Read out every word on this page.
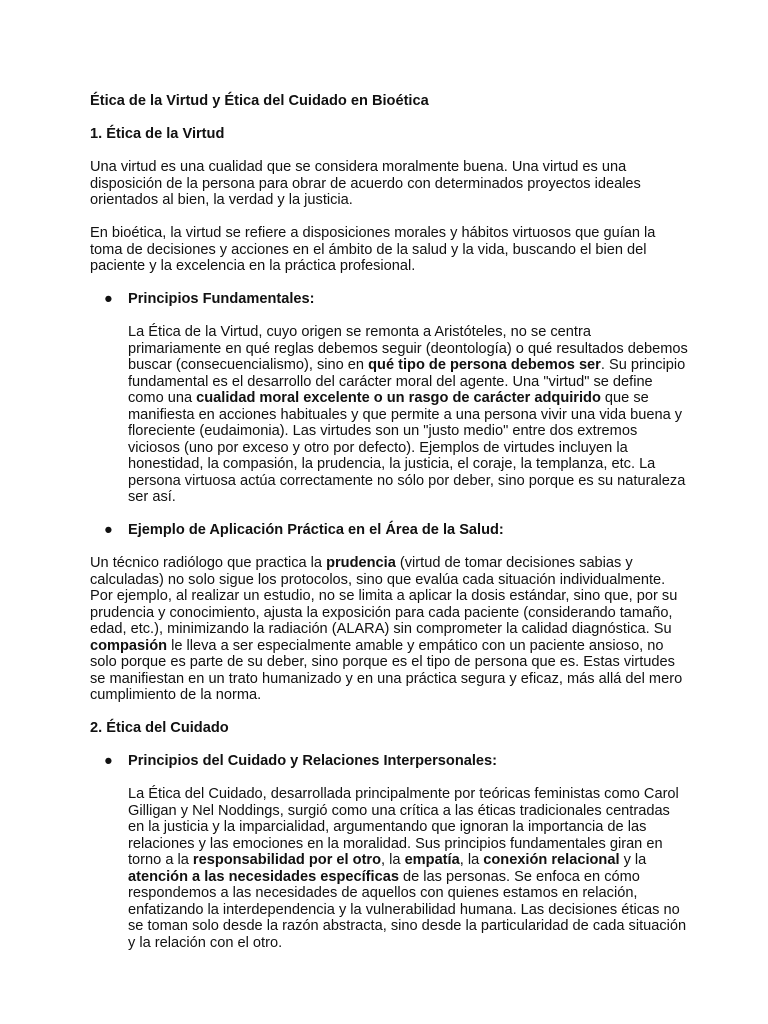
Ética de la Virtud y Ética del Cuidado en Bioética
1. Ética de la Virtud

Una virtud es una cualidad que se considera moralmente buena. Una virtud es una disposición de la persona para obrar de acuerdo con determinados proyectos ideales orientados al bien, la verdad y la justicia.

En bioética, la virtud se refiere a disposiciones morales y hábitos virtuosos que guían la toma de decisiones y acciones en el ámbito de la salud y la vida, buscando el bien del paciente y la excelencia en la práctica profesional.

● Principios Fundamentales:

La Ética de la Virtud, cuyo origen se remonta a Aristóteles, no se centra primariamente en qué reglas debemos seguir (deontología) o qué resultados debemos buscar (consecuencialismo), sino en qué tipo de persona debemos ser. Su principio fundamental es el desarrollo del carácter moral del agente. Una "virtud" se define como una cualidad moral excelente o un rasgo de carácter adquirido que se manifiesta en acciones habituales y que permite a una persona vivir una vida buena y floreciente (eudaimonia). Las virtudes son un "justo medio" entre dos extremos viciosos (uno por exceso y otro por defecto). Ejemplos de virtudes incluyen la honestidad, la compasión, la prudencia, la justicia, el coraje, la templanza, etc. La persona virtuosa actúa correctamente no sólo por deber, sino porque es su naturaleza ser así.

● Ejemplo de Aplicación Práctica en el Área de la Salud:

Un técnico radiólogo que practica la prudencia (virtud de tomar decisiones sabias y calculadas) no solo sigue los protocolos, sino que evalúa cada situación individualmente. Por ejemplo, al realizar un estudio, no se limita a aplicar la dosis estándar, sino que, por su prudencia y conocimiento, ajusta la exposición para cada paciente (considerando tamaño, edad, etc.), minimizando la radiación (ALARA) sin comprometer la calidad diagnóstica. Su compasión le lleva a ser especialmente amable y empático con un paciente ansioso, no solo porque es parte de su deber, sino porque es el tipo de persona que es. Estas virtudes se manifiestan en un trato humanizado y en una práctica segura y eficaz, más allá del mero cumplimiento de la norma.

2. Ética del Cuidado
● Principios del Cuidado y Relaciones Interpersonales:

La Ética del Cuidado, desarrollada principalmente por teóricas feministas como Carol Gilligan y Nel Noddings, surgió como una crítica a las éticas tradicionales centradas en la justicia y la imparcialidad, argumentando que ignoran la importancia de las relaciones y las emociones en la moralidad. Sus principios fundamentales giran en torno a la responsabilidad por el otro, la empatía, la conexión relacional y la atención a las necesidades específicas de las personas. Se enfoca en cómo respondemos a las necesidades de aquellos con quienes estamos en relación, enfatizando la interdependencia y la vulnerabilidad humana. Las decisiones éticas no se toman solo desde la razón abstracta, sino desde la particularidad de cada situación y la relación con el otro.
